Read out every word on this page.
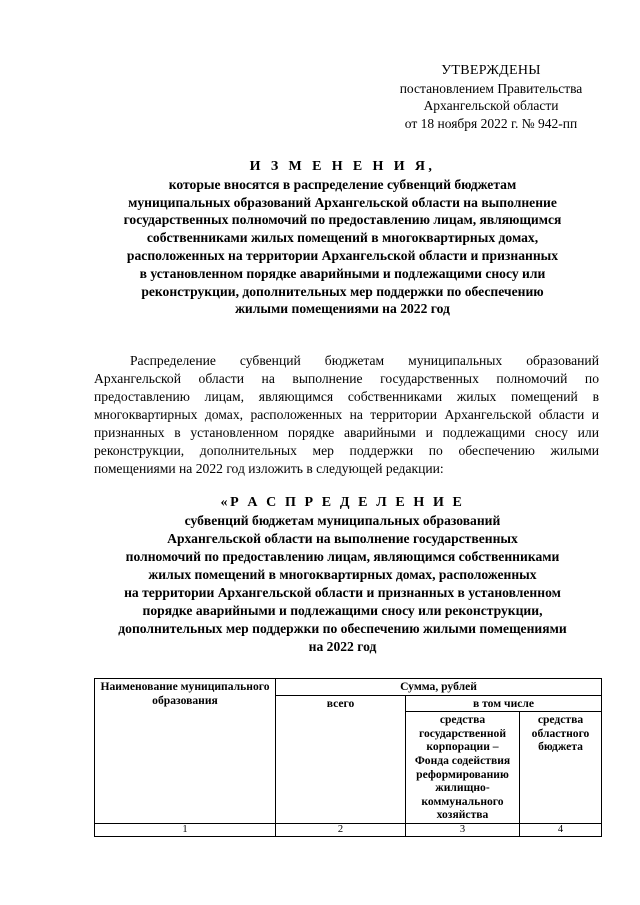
УТВЕРЖДЕНЫ
постановлением Правительства
Архангельской области
от 18 ноября 2022 г. № 942-пп
И З М Е Н Е Н И Я,
которые вносятся в распределение субвенций бюджетам
муниципальных образований Архангельской области на выполнение
государственных полномочий по предоставлению лицам, являющимся
собственниками жилых помещений в многоквартирных домах,
расположенных на территории Архангельской области и признанных
в установленном порядке аварийными и подлежащими сносу или
реконструкции, дополнительных мер поддержки по обеспечению
жилыми помещениями на 2022 год
Распределение субвенций бюджетам муниципальных образований Архангельской области на выполнение государственных полномочий по предоставлению лицам, являющимся собственниками жилых помещений в многоквартирных домах, расположенных на территории Архангельской области и признанных в установленном порядке аварийными и подлежащими сносу или реконструкции, дополнительных мер поддержки по обеспечению жилыми помещениями на 2022 год изложить в следующей редакции:
«Р А С П Р Е Д Е Л Е Н И Е
субвенций бюджетам муниципальных образований
Архангельской области на выполнение государственных
полномочий по предоставлению лицам, являющимся собственниками
жилых помещений в многоквартирных домах, расположенных
на территории Архангельской области и признанных в установленном
порядке аварийными и подлежащими сносу или реконструкции,
дополнительных мер поддержки по обеспечению жилыми помещениями
на 2022 год
Наименование муниципального образования	Сумма, рублей		
	всего	в том числе	
		средства государственной корпорации – Фонда содействия реформированию жилищно-коммунального хозяйства	средства областного бюджета
1	2	3	4
